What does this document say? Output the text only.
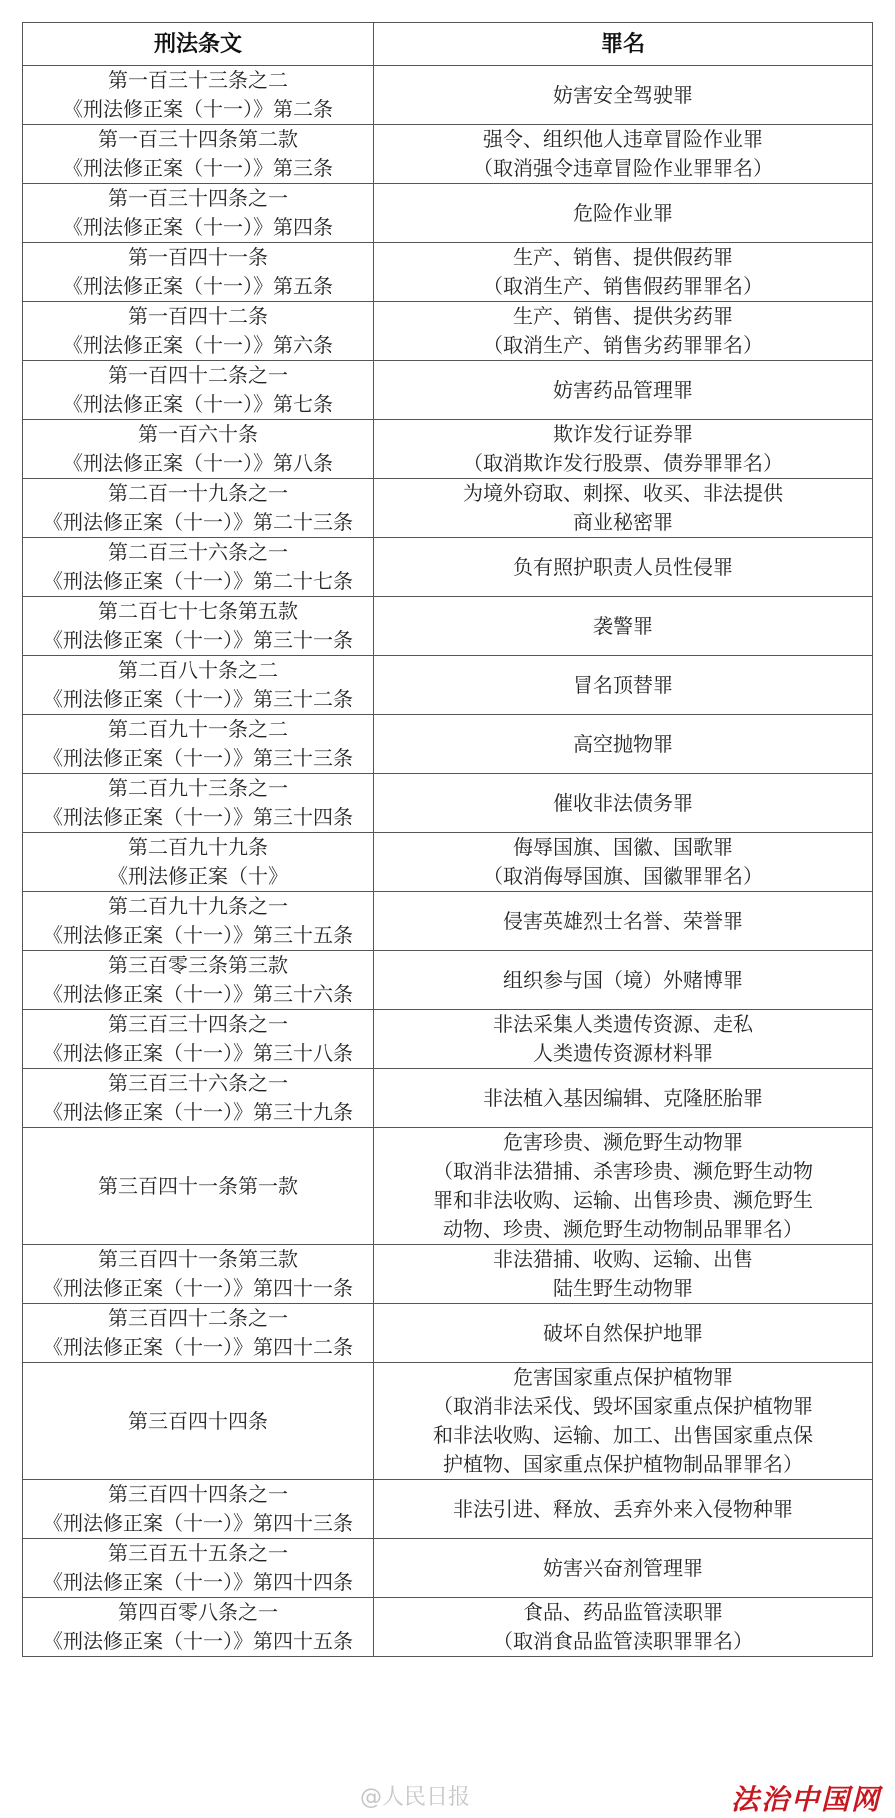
刑法条文	罪名

第一百三十三条之二
《刑法修正案（十一）》第二条	妨害安全驾驶罪

第一百三十四条第二款
《刑法修正案（十一）》第三条	强令、组织他人违章冒险作业罪
（取消强令违章冒险作业罪罪名）

第一百三十四条之一
《刑法修正案（十一）》第四条	危险作业罪

第一百四十一条
《刑法修正案（十一）》第五条	生产、销售、提供假药罪
（取消生产、销售假药罪罪名）

第一百四十二条
《刑法修正案（十一）》第六条	生产、销售、提供劣药罪
（取消生产、销售劣药罪罪名）

第一百四十二条之一
《刑法修正案（十一）》第七条	妨害药品管理罪

第一百六十条
《刑法修正案（十一）》第八条	欺诈发行证券罪
（取消欺诈发行股票、债券罪罪名）

第二百一十九条之一
《刑法修正案（十一）》第二十三条	为境外窃取、刺探、收买、非法提供
商业秘密罪

第二百三十六条之一
《刑法修正案（十一）》第二十七条	负有照护职责人员性侵罪

第二百七十七条第五款
《刑法修正案（十一）》第三十一条	袭警罪

第二百八十条之二
《刑法修正案（十一）》第三十二条	冒名顶替罪

第二百九十一条之二
《刑法修正案（十一）》第三十三条	高空抛物罪

第二百九十三条之一
《刑法修正案（十一）》第三十四条	催收非法债务罪

第二百九十九条
《刑法修正案（十》	侮辱国旗、国徽、国歌罪
（取消侮辱国旗、国徽罪罪名）

第二百九十九条之一
《刑法修正案（十一）》第三十五条	侵害英雄烈士名誉、荣誉罪

第三百零三条第三款
《刑法修正案（十一）》第三十六条	组织参与国（境）外赌博罪

第三百三十四条之一
《刑法修正案（十一）》第三十八条	非法采集人类遗传资源、走私
人类遗传资源材料罪

第三百三十六条之一
《刑法修正案（十一）》第三十九条	非法植入基因编辑、克隆胚胎罪

第三百四十一条第一款	危害珍贵、濒危野生动物罪
（取消非法猎捕、杀害珍贵、濒危野生动物
罪和非法收购、运输、出售珍贵、濒危野生
动物、珍贵、濒危野生动物制品罪罪名）

第三百四十一条第三款
《刑法修正案（十一）》第四十一条	非法猎捕、收购、运输、出售
陆生野生动物罪

第三百四十二条之一
《刑法修正案（十一）》第四十二条	破坏自然保护地罪

第三百四十四条	危害国家重点保护植物罪
（取消非法采伐、毁坏国家重点保护植物罪
和非法收购、运输、加工、出售国家重点保
护植物、国家重点保护植物制品罪罪名）

第三百四十四条之一
《刑法修正案（十一）》第四十三条	非法引进、释放、丢弃外来入侵物种罪

第三百五十五条之一
《刑法修正案（十一）》第四十四条	妨害兴奋剂管理罪

第四百零八条之一
《刑法修正案（十一）》第四十五条	食品、药品监管渎职罪
（取消食品监管渎职罪罪名）
@人民日报	法治中国网
